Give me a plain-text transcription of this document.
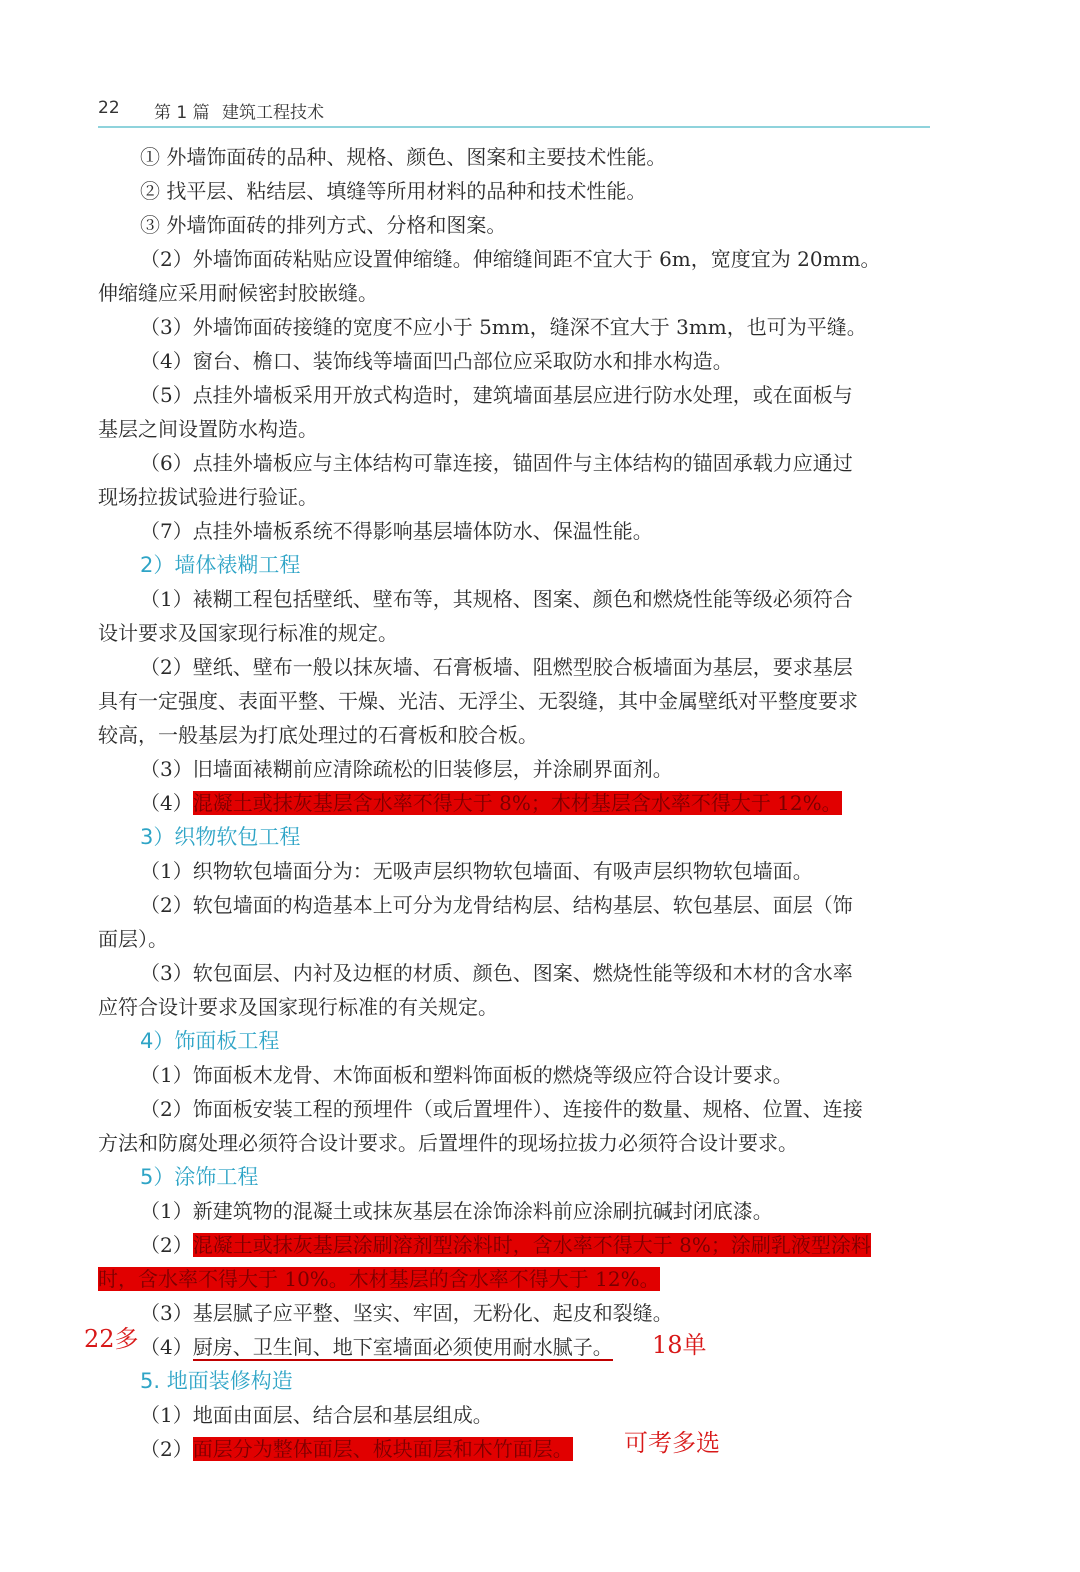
22 第 1 篇 建筑工程技术
① 外墙饰面砖的品种、规格、颜色、图案和主要技术性能。
② 找平层、粘结层、填缝等所用材料的品种和技术性能。
③ 外墙饰面砖的排列方式、分格和图案。
（2）外墙饰面砖粘贴应设置伸缩缝。伸缩缝间距不宜大于 6m，宽度宜为 20mm。
伸缩缝应采用耐候密封胶嵌缝。
（3）外墙饰面砖接缝的宽度不应小于 5mm，缝深不宜大于 3mm，也可为平缝。
（4）窗台、檐口、装饰线等墙面凹凸部位应采取防水和排水构造。
（5）点挂外墙板采用开放式构造时，建筑墙面基层应进行防水处理，或在面板与
基层之间设置防水构造。
（6）点挂外墙板应与主体结构可靠连接，锚固件与主体结构的锚固承载力应通过
现场拉拔试验进行验证。
（7）点挂外墙板系统不得影响基层墙体防水、保温性能。
2）墙体裱糊工程
（1）裱糊工程包括壁纸、壁布等，其规格、图案、颜色和燃烧性能等级必须符合
设计要求及国家现行标准的规定。
（2）壁纸、壁布一般以抹灰墙、石膏板墙、阻燃型胶合板墙面为基层，要求基层
具有一定强度、表面平整、干燥、光洁、无浮尘、无裂缝，其中金属壁纸对平整度要求
较高，一般基层为打底处理过的石膏板和胶合板。
（3）旧墙面裱糊前应清除疏松的旧装修层，并涂刷界面剂。
（4）混凝土或抹灰基层含水率不得大于 8%；木材基层含水率不得大于 12%。
3）织物软包工程
（1）织物软包墙面分为：无吸声层织物软包墙面、有吸声层织物软包墙面。
（2）软包墙面的构造基本上可分为龙骨结构层、结构基层、软包基层、面层（饰
面层）。
（3）软包面层、内衬及边框的材质、颜色、图案、燃烧性能等级和木材的含水率
应符合设计要求及国家现行标准的有关规定。
4）饰面板工程
（1）饰面板木龙骨、木饰面板和塑料饰面板的燃烧等级应符合设计要求。
（2）饰面板安装工程的预埋件（或后置埋件）、连接件的数量、规格、位置、连接
方法和防腐处理必须符合设计要求。后置埋件的现场拉拔力必须符合设计要求。
5）涂饰工程
（1）新建筑物的混凝土或抹灰基层在涂饰涂料前应涂刷抗碱封闭底漆。
（2）混凝土或抹灰基层涂刷溶剂型涂料时，含水率不得大于 8%；涂刷乳液型涂料
时，含水率不得大于 10%。木材基层的含水率不得大于 12%。
（3）基层腻子应平整、坚实、牢固，无粉化、起皮和裂缝。
（4）厨房、卫生间、地下室墙面必须使用耐水腻子。
5. 地面装修构造
（1）地面由面层、结合层和基层组成。
（2）面层分为整体面层、板块面层和木竹面层。
22多	18单
可考多选
